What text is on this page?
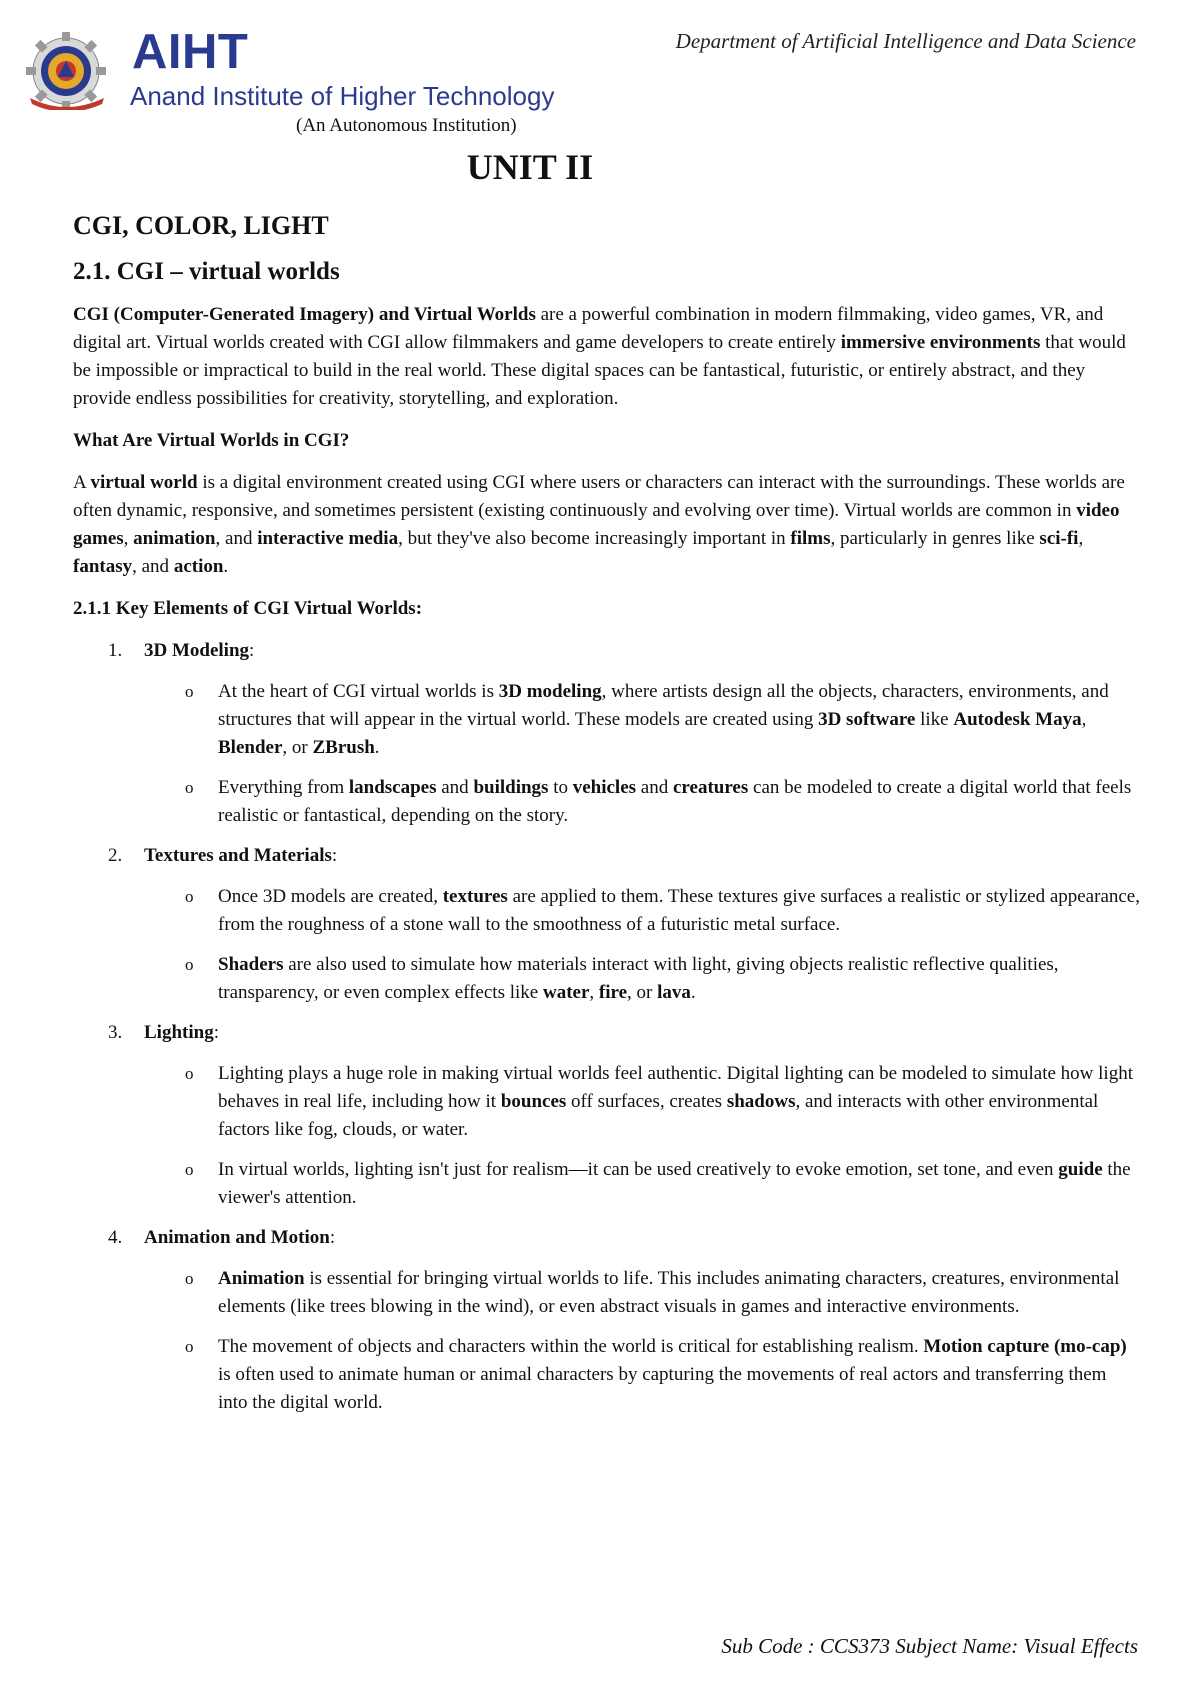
AIHT
Anand Institute of Higher Technology
Department of Artificial Intelligence and Data Science
(An Autonomous Institution)
UNIT II
CGI, COLOR, LIGHT
2.1. CGI – virtual worlds

CGI (Computer-Generated Imagery) and Virtual Worlds are a powerful combination in modern filmmaking, video games, VR, and digital art. Virtual worlds created with CGI allow filmmakers and game developers to create entirely immersive environments that would be impossible or impractical to build in the real world. These digital spaces can be fantastical, futuristic, or entirely abstract, and they provide endless possibilities for creativity, storytelling, and exploration.

What Are Virtual Worlds in CGI?

A virtual world is a digital environment created using CGI where users or characters can interact with the surroundings. These worlds are often dynamic, responsive, and sometimes persistent (existing continuously and evolving over time). Virtual worlds are common in video games, animation, and interactive media, but they've also become increasingly important in films, particularly in genres like sci-fi, fantasy, and action.

2.1.1 Key Elements of CGI Virtual Worlds:
1.	3D Modeling:
o At the heart of CGI virtual worlds is 3D modeling, where artists design all the objects, characters, environments, and structures that will appear in the virtual world. These models are created using 3D software like Autodesk Maya, Blender, or ZBrush.
o Everything from landscapes and buildings to vehicles and creatures can be modeled to create a digital world that feels realistic or fantastical, depending on the story.
2.	Textures and Materials:
o Once 3D models are created, textures are applied to them. These textures give surfaces a realistic or stylized appearance, from the roughness of a stone wall to the smoothness of a futuristic metal surface.
o Shaders are also used to simulate how materials interact with light, giving objects realistic reflective qualities, transparency, or even complex effects like water, fire, or lava.
3.	Lighting:
o Lighting plays a huge role in making virtual worlds feel authentic. Digital lighting can be modeled to simulate how light behaves in real life, including how it bounces off surfaces, creates shadows, and interacts with other environmental factors like fog, clouds, or water.
o In virtual worlds, lighting isn't just for realism—it can be used creatively to evoke emotion, set tone, and even guide the viewer's attention.
4.	Animation and Motion:
o Animation is essential for bringing virtual worlds to life. This includes animating characters, creatures, environmental elements (like trees blowing in the wind), or even abstract visuals in games and interactive environments.
o The movement of objects and characters within the world is critical for establishing realism. Motion capture (mo-cap) is often used to animate human or animal characters by capturing the movements of real actors and transferring them into the digital world.
Sub Code : CCS373 Subject Name: Visual Effects
